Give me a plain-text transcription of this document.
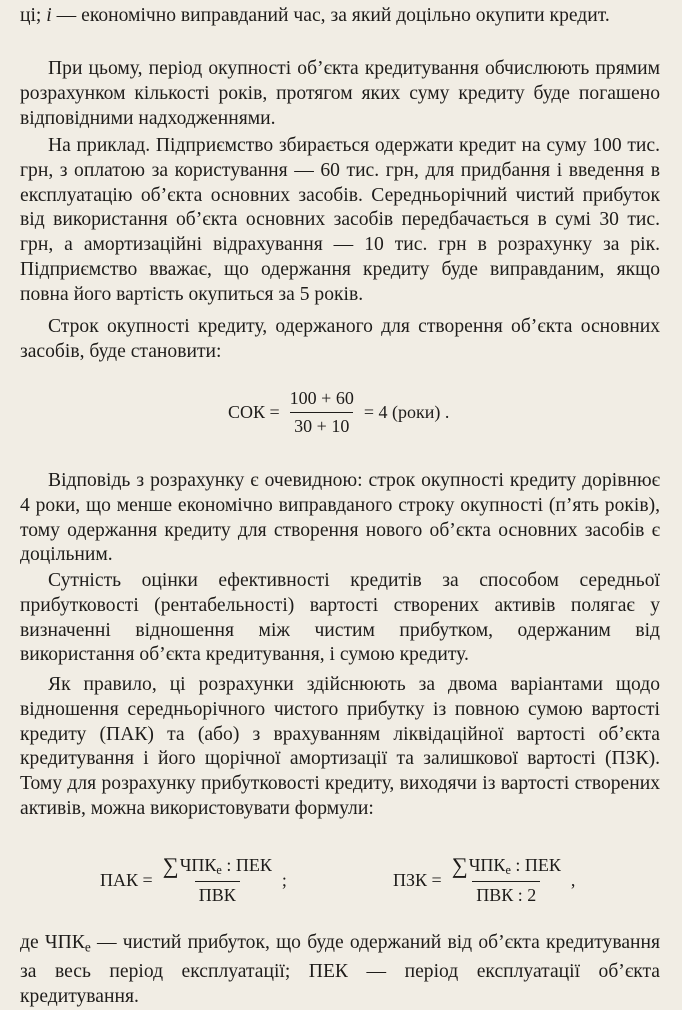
ці; i — економічно виправданий час, за який доцільно окупити кредит.

При цьому, період окупності об’єкта кредитування обчислюють прямим розрахунком кількості років, протягом яких суму кредиту буде погашено відповідними надходженнями.

На приклад. Підприємство збирається одержати кредит на суму 100 тис. грн, з оплатою за користування — 60 тис. грн, для придбання і введення в експлуатацію об’єкта основних засобів. Середньорічний чистий прибуток від використання об’єкта основних засобів передбачається в сумі 30 тис. грн, а амортизаційні відрахування — 10 тис. грн в розрахунку за рік. Підприємство вважає, що одержання кредиту буде виправданим, якщо повна його вартість окупиться за 5 років.

Строк окупності кредиту, одержаного для створення об’єкта основних засобів, буде становити:

СОК = $\frac{100 + 60}{30 + 10} = 4$ (роки) .

Відповідь з розрахунку є очевидною: строк окупності кредиту дорівнює 4 роки, що менше економічно виправданого строку окупності (п’ять років), тому одержання кредиту для створення нового об’єкта основних засобів є доцільним.

Сутність оцінки ефективності кредитів за способом середньої прибутковості (рентабельності) вартості створених активів полягає у визначенні відношення між чистим прибутком, одержаним від використання об’єкта кредитування, і сумою кредиту.

Як правило, ці розрахунки здійснюють за двома варіантами щодо відношення середньорічного чистого прибутку із повною сумою вартості кредиту (ПАК) та (або) з врахуванням ліквідаційної вартості об’єкта кредитування і його щорічної амортизації та залишкової вартості (ПЗК). Тому для розрахунку прибутковості кредиту, виходячи із вартості створених активів, можна використовувати формули:

ПАК = $\frac{\sum ЧПК_е : ПЕК}{\text{ПВК}}$ ;	ПЗК = $\frac{\sum ЧПК_е : ПЕК}{\text{ПВК : 2}}$ ,

де $ЧПК_е$ — чистий прибуток, що буде одержаний від об’єкта кредитування за весь період експлуатації; ПЕК — період експлуатації об’єкта кредитування.
